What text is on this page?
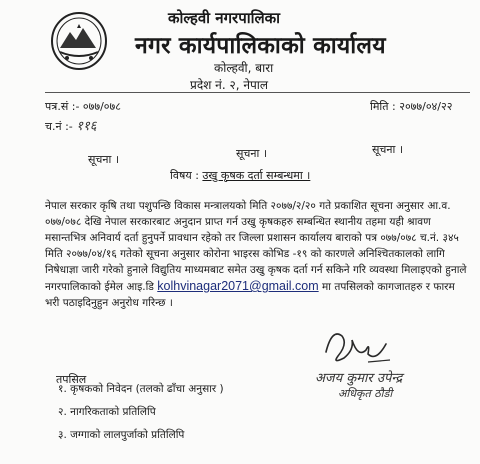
कोल्हवी नगरपालिका
नगर कार्यपालिकाको कार्यालय
कोल्हवी, बारा
प्रदेश नं. २, नेपाल
पत्र.सं :- ०७७/०७८
च.नं :- ११६
मिति : २०७७/०४/२२
सूचना ।	सूचना ।	सूचना ।
विषय : उखु कृषक दर्ता सम्बन्धमा ।
नेपाल सरकार कृषि तथा पशुपन्छि विकास मन्त्रालयको मिति २०७७/२/२० गते प्रकाशित सूचना अनुसार आ.व. ०७७/०७८ देखि नेपाल सरकारबाट अनुदान प्राप्त गर्न उखु कृषकहरु सम्बन्धित स्थानीय तहमा यही श्रावण मसान्तभित्र अनिवार्य दर्ता हुनुपर्ने प्रावधान रहेको तर जिल्ला प्रशासन कार्यालय बाराको पत्र ०७७/०७८ च.नं. ३४५ मिति २०७७/०४/१६ गतेको सूचना अनुसार कोरोना भाइरस कोभिड -१९ को कारणले अनिश्चितकालको लागि निषेधाज्ञा जारी गरेको हुनाले विद्युतिय माध्यमबाट समेत उखु कृषक दर्ता गर्न सकिने गरि व्यवस्था मिलाइएको हुनाले नगरपालिकाको ईमेल आइ.डि kolhvinagar2071@gmail.com मा तपसिलको कागजातहरु र फारम भरी पठाइदिनुहुन अनुरोध गरिन्छ ।
अजय कुमार उपेन्द्र
अधिकृत ठौडी
तपसिल
१. कृषकको निवेदन (तलको ढाँचा अनुसार )
२. नागरिकताको प्रतिलिपि
३. जग्गाको लालपुर्जाको प्रतिलिपि
